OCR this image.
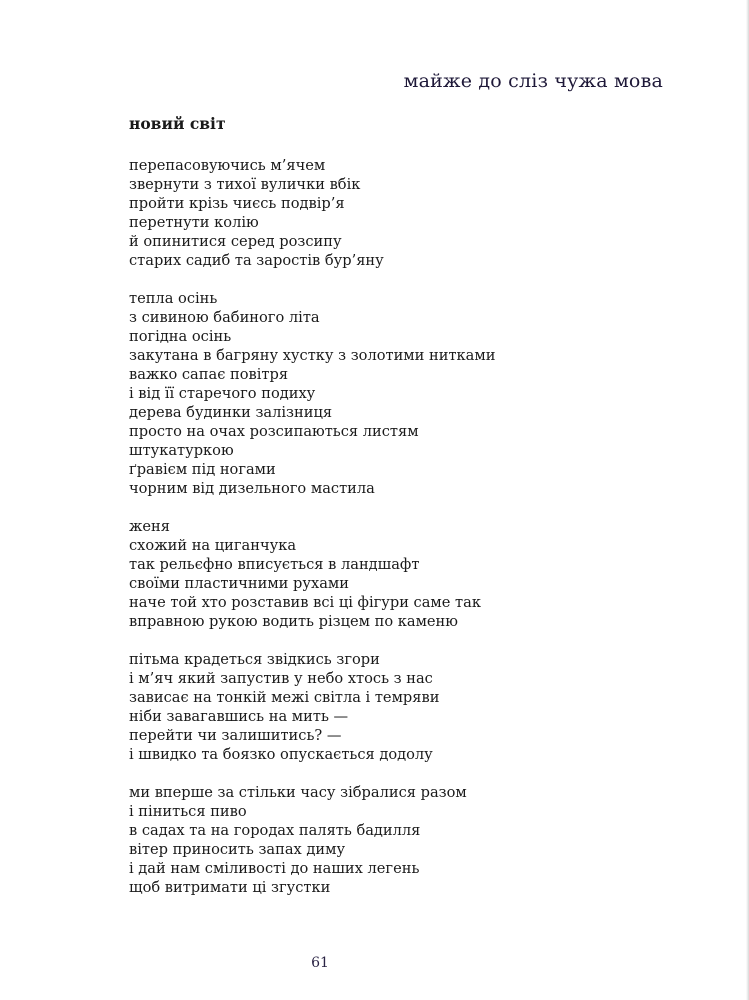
майже до сліз чужа мова
новий світ
перепасовуючись м’ячем
звернути з тихої вулички вбік
пройти крізь чиєсь подвір’я
перетнути колію
й опинитися серед розсипу
старих садиб та заростів бур’яну
тепла осінь
з сивиною бабиного літа
погідна осінь
закутана в багряну хустку з золотими нитками
важко сапає повітря
і від її старечого подиху
дерева будинки залізниця
просто на очах розсипаються листям
штукатуркою
ґравієм під ногами
чорним від дизельного мастила
женя
схожий на циганчука
так рельєфно вписується в ландшафт
своїми пластичними рухами
наче той хто розставив всі ці фігури саме так
вправною рукою водить різцем по каменю
пітьма крадеться звідкись згори
і м’яч який запустив у небо хтось з нас
зависає на тонкій межі світла і темряви
ніби завагавшись на мить —
перейти чи залишитись? —
і швидко та боязко опускається додолу
ми вперше за стільки часу зібралися разом
і піниться пиво
в садах та на городах палять бадилля
вітер приносить запах диму
і дай нам сміливості до наших легень
щоб витримати ці згустки
61
